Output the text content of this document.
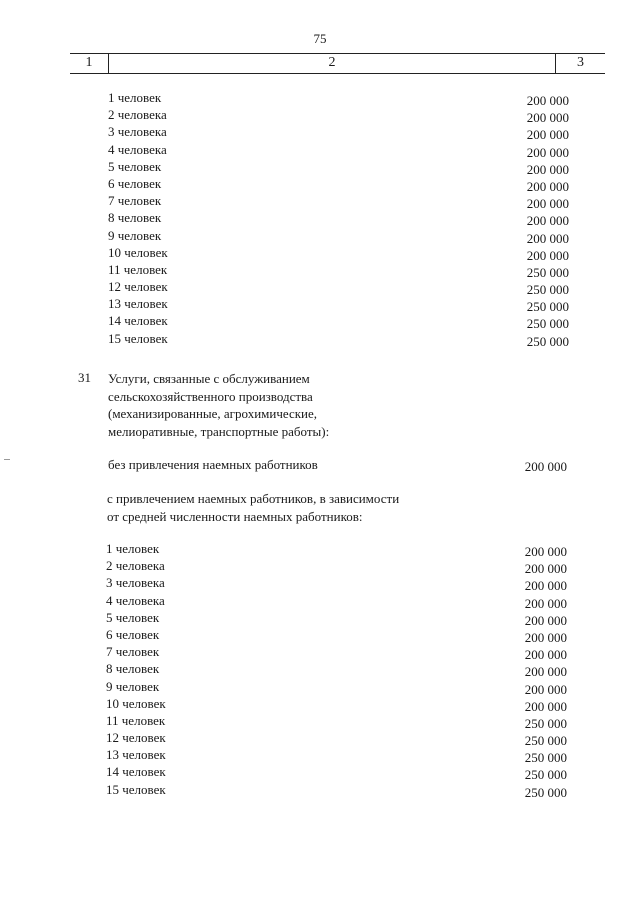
75
1	2	3
1 человек	200 000
2 человека	200 000
3 человека	200 000
4 человека	200 000
5 человек	200 000
6 человек	200 000
7 человек	200 000
8 человек	200 000
9 человек	200 000
10 человек	200 000
11 человек	250 000
12 человек	250 000
13 человек	250 000
14 человек	250 000
15 человек	250 000
31 Услуги, связанные с обслуживанием
сельскохозяйственного производства
(механизированные, агрохимические,
мелиоративные, транспортные работы):
без привлечения наемных работников	200 000
с привлечением наемных работников, в зависимости
от средней численности наемных работников:
1 человек	200 000
2 человека	200 000
3 человека	200 000
4 человека	200 000
5 человек	200 000
6 человек	200 000
7 человек	200 000
8 человек	200 000
9 человек	200 000
10 человек	200 000
11 человек	250 000
12 человек	250 000
13 человек	250 000
14 человек	250 000
15 человек	250 000
